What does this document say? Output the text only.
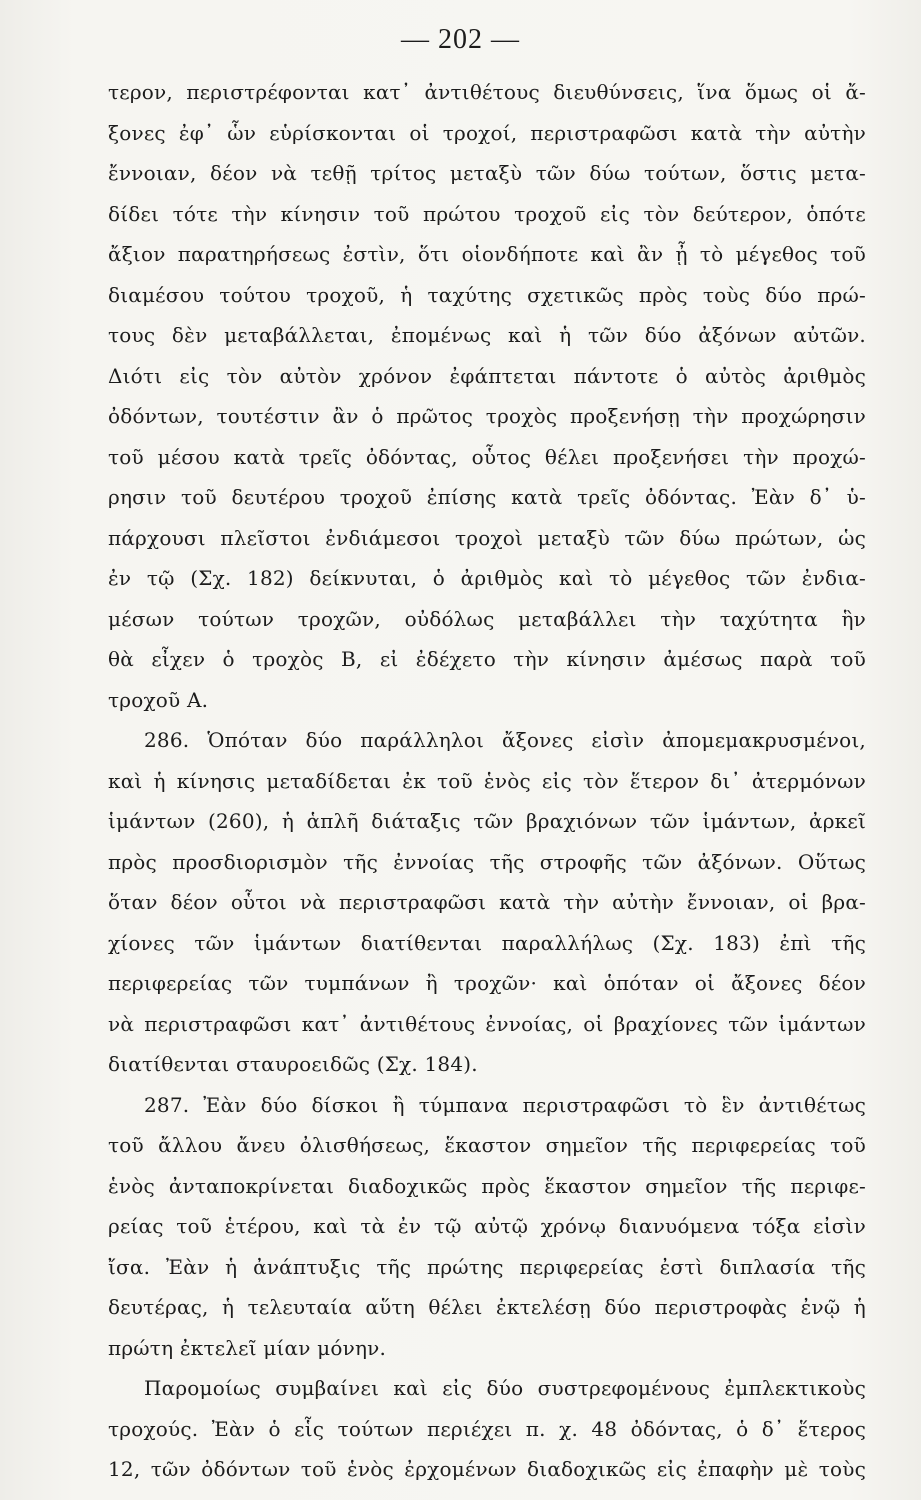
— 202 —
τερον, περιστρέφονται κατ᾽ ἀντιθέτους διευθύνσεις, ἵνα ὅμως οἱ ἄ-
ξονες ἐφ᾽ ὧν εὑρίσκονται οἱ τροχοί, περιστραφῶσι κατὰ τὴν αὐτὴν
ἔννοιαν, δέον νὰ τεθῇ τρίτος μεταξὺ τῶν δύω τούτων, ὅστις μετα-
δίδει τότε τὴν κίνησιν τοῦ πρώτου τροχοῦ εἰς τὸν δεύτερον, ὁπότε
ἄξιον παρατηρήσεως ἐστὶν, ὅτι οἱονδήποτε καὶ ἂν ᾖ τὸ μέγεθος τοῦ
διαμέσου τούτου τροχοῦ, ἡ ταχύτης σχετικῶς πρὸς τοὺς δύο πρώ-
τους δὲν μεταβάλλεται, ἐπομένως καὶ ἡ τῶν δύο ἀξόνων αὐτῶν.
Διότι εἰς τὸν αὐτὸν χρόνον ἐφάπτεται πάντοτε ὁ αὐτὸς ἀριθμὸς
ὀδόντων, τουτέστιν ἂν ὁ πρῶτος τροχὸς προξενήσῃ τὴν προχώρησιν
τοῦ μέσου κατὰ τρεῖς ὀδόντας, οὗτος θέλει προξενήσει τὴν προχώ-
ρησιν τοῦ δευτέρου τροχοῦ ἐπίσης κατὰ τρεῖς ὀδόντας. Ἐὰν δ᾽ ὑ-
πάρχουσι πλεῖστοι ἐνδιάμεσοι τροχοὶ μεταξὺ τῶν δύω πρώτων, ὡς
ἐν τῷ (Σχ. 182) δείκνυται, ὁ ἀριθμὸς καὶ τὸ μέγεθος τῶν ἐνδια-
μέσων τούτων τροχῶν, οὐδόλως μεταβάλλει τὴν ταχύτητα ἣν
θὰ εἶχεν ὁ τροχὸς Β, εἰ ἐδέχετο τὴν κίνησιν ἀμέσως παρὰ τοῦ
τροχοῦ Α.
286. Ὁπόταν δύο παράλληλοι ἄξονες εἰσὶν ἀπομεμακρυσμένοι,
καὶ ἡ κίνησις μεταδίδεται ἐκ τοῦ ἑνὸς εἰς τὸν ἕτερον δι᾽ ἀτερμόνων
ἱμάντων (260), ἡ ἁπλῆ διάταξις τῶν βραχιόνων τῶν ἱμάντων, ἀρκεῖ
πρὸς προσδιορισμὸν τῆς ἐννοίας τῆς στροφῆς τῶν ἀξόνων. Οὕτως
ὅταν δέον οὗτοι νὰ περιστραφῶσι κατὰ τὴν αὐτὴν ἔννοιαν, οἱ βρα-
χίονες τῶν ἱμάντων διατίθενται παραλλήλως (Σχ. 183) ἐπὶ τῆς
περιφερείας τῶν τυμπάνων ἢ τροχῶν· καὶ ὁπόταν οἱ ἄξονες δέον
νὰ περιστραφῶσι κατ᾽ ἀντιθέτους ἐννοίας, οἱ βραχίονες τῶν ἱμάντων
διατίθενται σταυροειδῶς (Σχ. 184).
287. Ἐὰν δύο δίσκοι ἢ τύμπανα περιστραφῶσι τὸ ἓν ἀντιθέτως
τοῦ ἄλλου ἄνευ ὀλισθήσεως, ἕκαστον σημεῖον τῆς περιφερείας τοῦ
ἑνὸς ἀνταποκρίνεται διαδοχικῶς πρὸς ἕκαστον σημεῖον τῆς περιφε-
ρείας τοῦ ἑτέρου, καὶ τὰ ἐν τῷ αὐτῷ χρόνῳ διανυόμενα τόξα εἰσὶν
ἴσα. Ἐὰν ἡ ἀνάπτυξις τῆς πρώτης περιφερείας ἐστὶ διπλασία τῆς
δευτέρας, ἡ τελευταία αὕτη θέλει ἐκτελέσῃ δύο περιστροφὰς ἐνῷ ἡ
πρώτη ἐκτελεῖ μίαν μόνην.
Παρομοίως συμβαίνει καὶ εἰς δύο συστρεφομένους ἐμπλεκτικοὺς
τροχούς. Ἐὰν ὁ εἷς τούτων περιέχει π. χ. 48 ὀδόντας, ὁ δ᾽ ἕτερος
12, τῶν ὀδόντων τοῦ ἑνὸς ἐρχομένων διαδοχικῶς εἰς ἐπαφὴν μὲ τοὺς
